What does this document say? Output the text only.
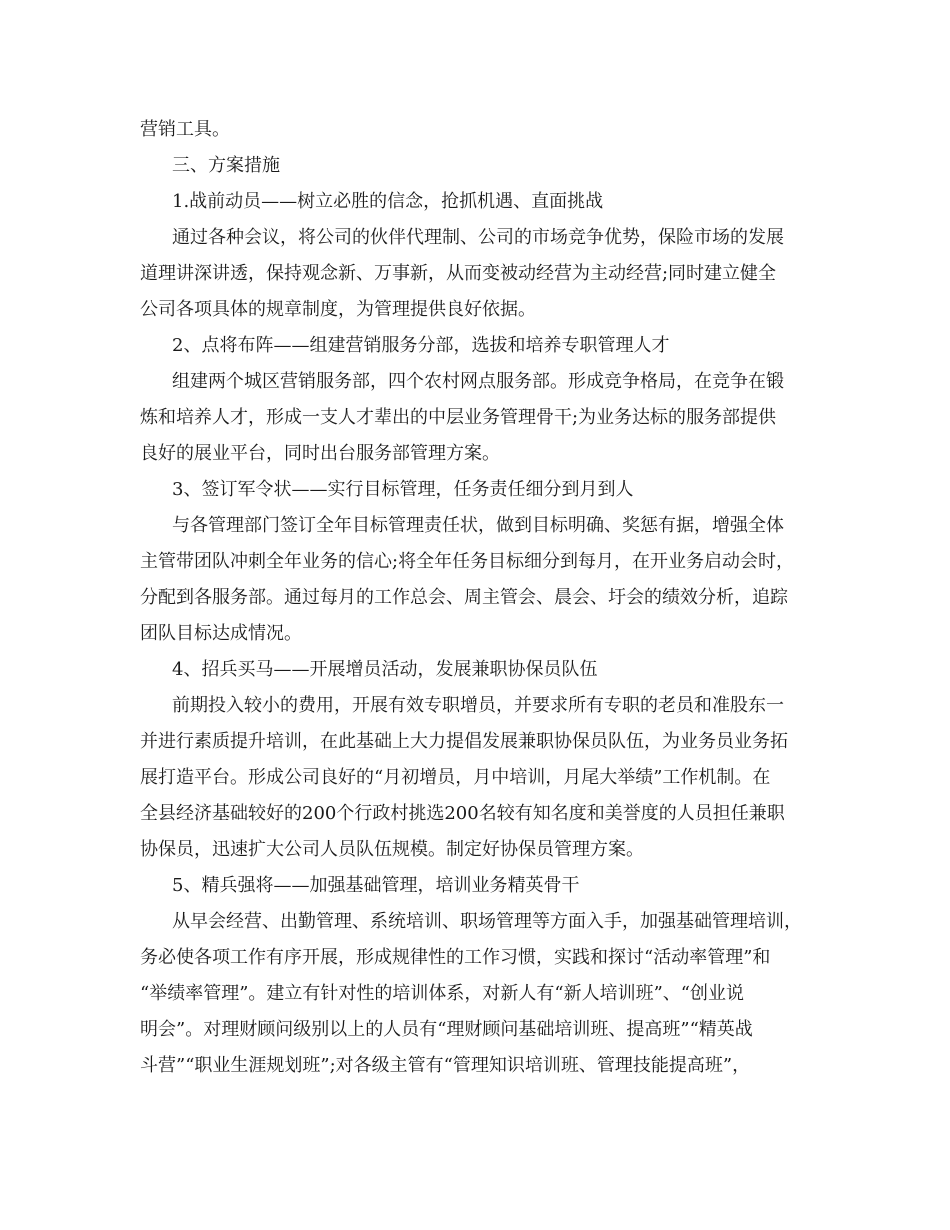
营销工具。
三、方案措施
1.战前动员——树立必胜的信念，抢抓机遇、直面挑战
通过各种会议，将公司的伙伴代理制、公司的市场竞争优势，保险市场的发展
道理讲深讲透，保持观念新、万事新，从而变被动经营为主动经营;同时建立健全
公司各项具体的规章制度，为管理提供良好依据。
2、点将布阵——组建营销服务分部，选拔和培养专职管理人才
组建两个城区营销服务部，四个农村网点服务部。形成竞争格局，在竞争在锻
炼和培养人才，形成一支人才辈出的中层业务管理骨干;为业务达标的服务部提供
良好的展业平台，同时出台服务部管理方案。
3、签订军令状——实行目标管理，任务责任细分到月到人
与各管理部门签订全年目标管理责任状，做到目标明确、奖惩有据，增强全体
主管带团队冲刺全年业务的信心;将全年任务目标细分到每月，在开业务启动会时，
分配到各服务部。通过每月的工作总会、周主管会、晨会、圩会的绩效分析，追踪
团队目标达成情况。
4、招兵买马——开展增员活动，发展兼职协保员队伍
前期投入较小的费用，开展有效专职增员，并要求所有专职的老员和准股东一
并进行素质提升培训，在此基础上大力提倡发展兼职协保员队伍，为业务员业务拓
展打造平台。形成公司良好的“月初增员，月中培训，月尾大举绩”工作机制。在
全县经济基础较好的200个行政村挑选200名较有知名度和美誉度的人员担任兼职
协保员，迅速扩大公司人员队伍规模。制定好协保员管理方案。
5、精兵强将——加强基础管理，培训业务精英骨干
从早会经营、出勤管理、系统培训、职场管理等方面入手，加强基础管理培训，
务必使各项工作有序开展，形成规律性的工作习惯，实践和探讨“活动率管理”和
“举绩率管理”。建立有针对性的培训体系，对新人有“新人培训班”、“创业说
明会”。对理财顾问级别以上的人员有“理财顾问基础培训班、提高班”“精英战
斗营”“职业生涯规划班”;对各级主管有“管理知识培训班、管理技能提高班”，
